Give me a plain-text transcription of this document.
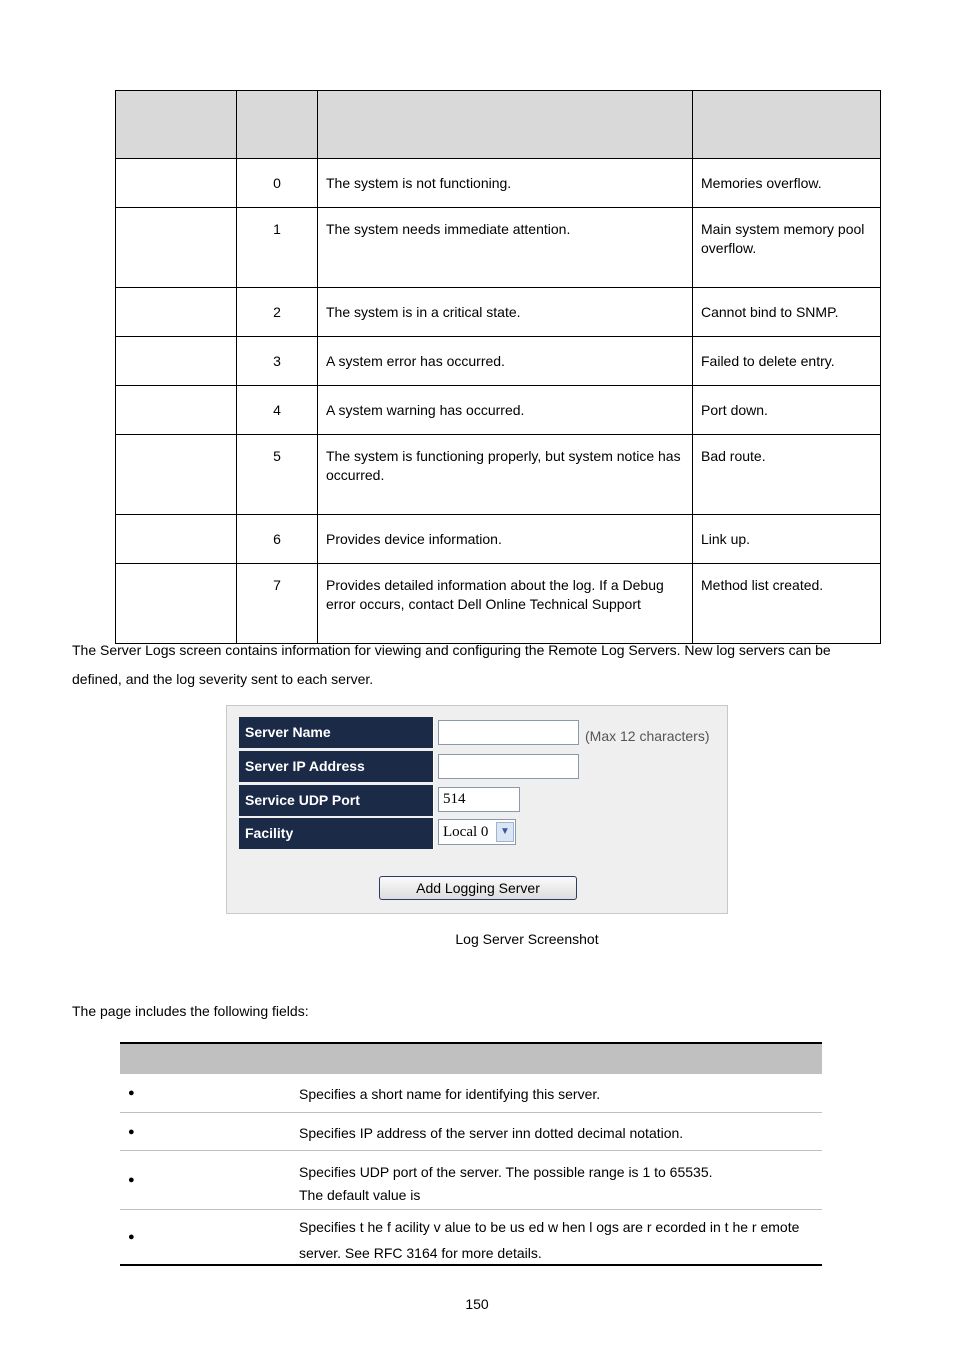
	0	The system is not functioning.	Memories overflow.
	1	The system needs immediate attention.	Main system memory pool overflow.
	2	The system is in a critical state.	Cannot bind to SNMP.
	3	A system error has occurred.	Failed to delete entry.
	4	A system warning has occurred.	Port down.
	5	The system is functioning properly, but system notice has occurred.	Bad route.
	6	Provides device information.	Link up.
	7	Provides detailed information about the log. If a Debug error occurs, contact Dell Online Technical Support	Method list created.
The Server Logs screen contains information for viewing and configuring the Remote Log Servers. New log servers can be defined, and the log severity sent to each server.
Server Name	(Max 12 characters)
Server IP Address
Service UDP Port	514
Facility	Local 0	▼
Add Logging Server
Log Server Screenshot
The page includes the following fields:
●	Specifies a short name for identifying this server.
●	Specifies IP address of the server inn dotted decimal notation.
●	Specifies UDP port of the server. The possible range is 1 to 65535.
The default value is
●
Specifies t he f acility v alue to be us ed w hen l ogs are r ecorded in t he r emote server. See RFC 3164 for more details.
150
